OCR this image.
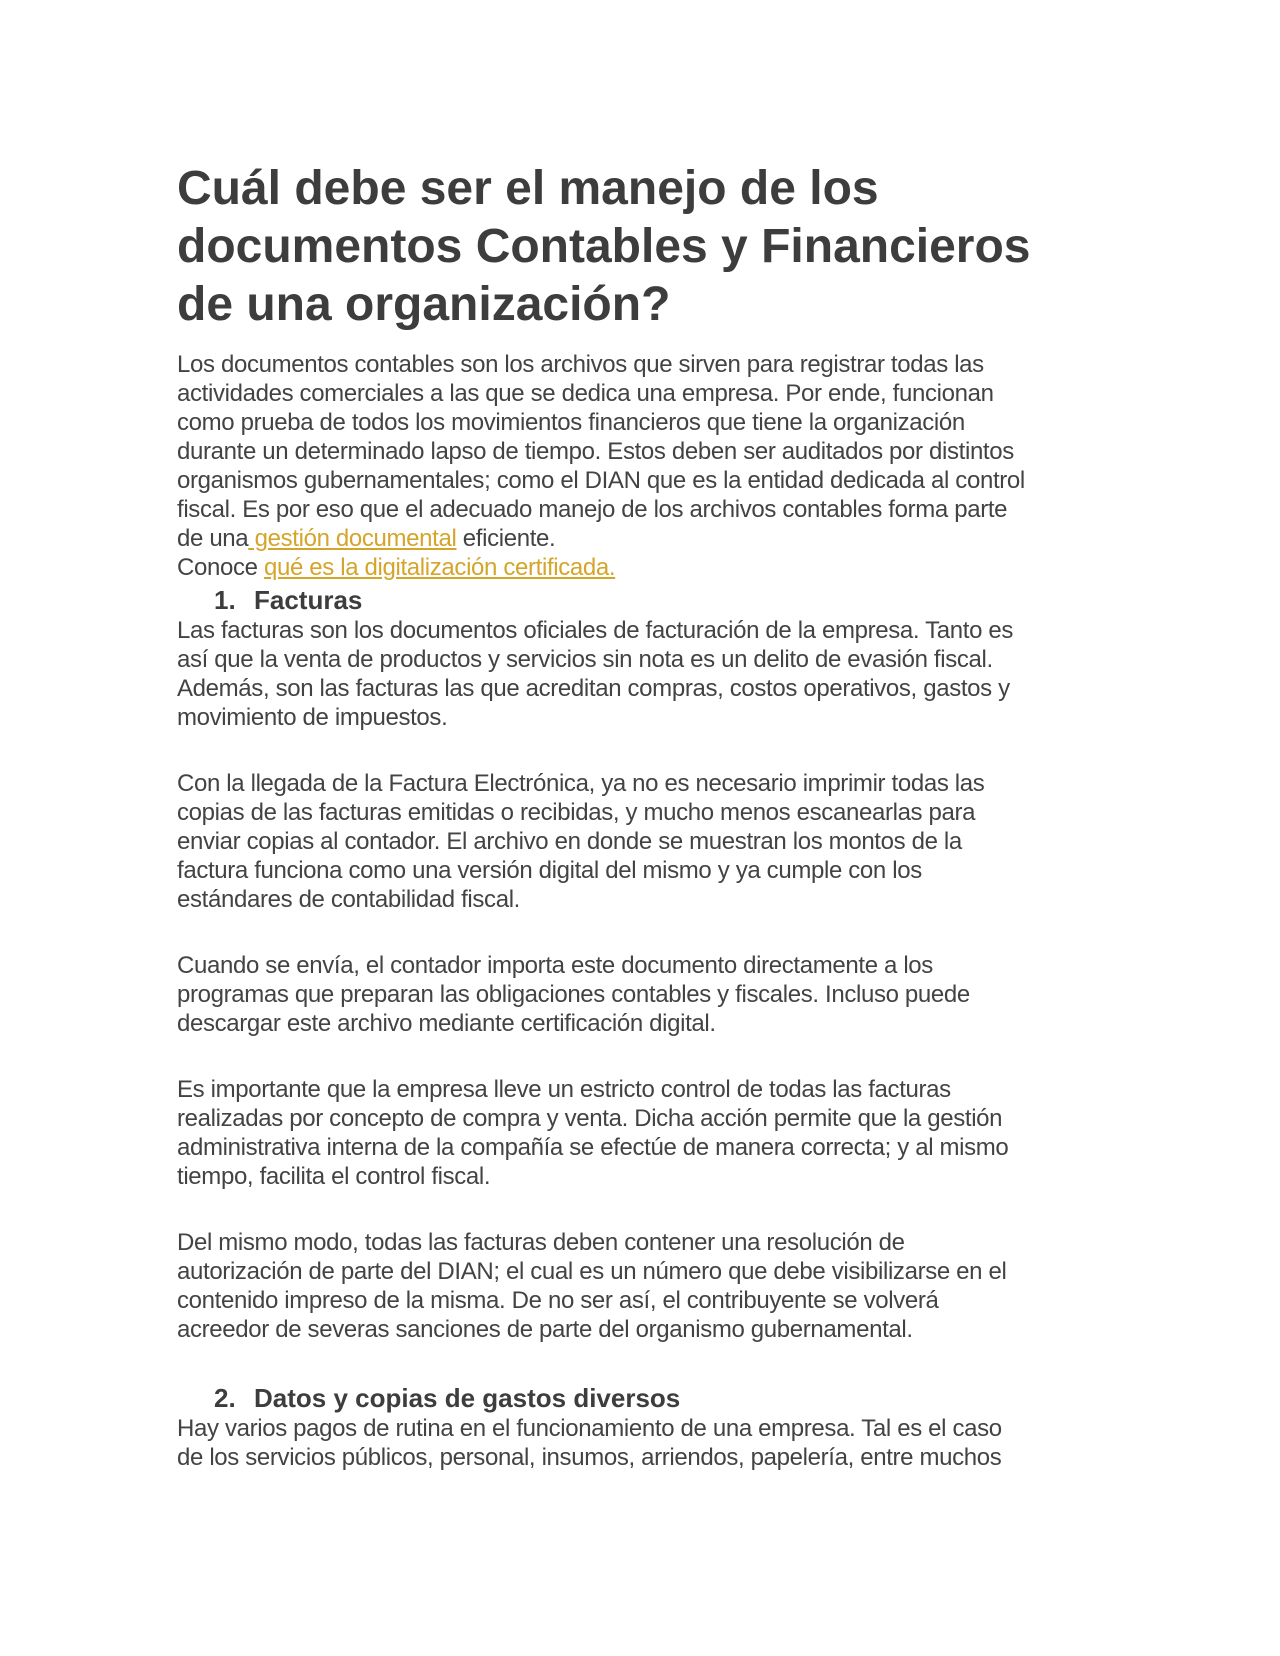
Cuál debe ser el manejo de los
documentos Contables y Financieros
de una organización?
Los documentos contables son los archivos que sirven para registrar todas las
actividades comerciales a las que se dedica una empresa. Por ende, funcionan
como prueba de todos los movimientos financieros que tiene la organización
durante un determinado lapso de tiempo. Estos deben ser auditados por distintos
organismos gubernamentales; como el DIAN que es la entidad dedicada al control
fiscal. Es por eso que el adecuado manejo de los archivos contables forma parte
de una gestión documental eficiente.
Conoce qué es la digitalización certificada.
1. Facturas
Las facturas son los documentos oficiales de facturación de la empresa. Tanto es
así que la venta de productos y servicios sin nota es un delito de evasión fiscal.
Además, son las facturas las que acreditan compras, costos operativos, gastos y
movimiento de impuestos.
Con la llegada de la Factura Electrónica, ya no es necesario imprimir todas las
copias de las facturas emitidas o recibidas, y mucho menos escanearlas para
enviar copias al contador. El archivo en donde se muestran los montos de la
factura funciona como una versión digital del mismo y ya cumple con los
estándares de contabilidad fiscal.
Cuando se envía, el contador importa este documento directamente a los
programas que preparan las obligaciones contables y fiscales. Incluso puede
descargar este archivo mediante certificación digital.
Es importante que la empresa lleve un estricto control de todas las facturas
realizadas por concepto de compra y venta. Dicha acción permite que la gestión
administrativa interna de la compañía se efectúe de manera correcta; y al mismo
tiempo, facilita el control fiscal.
Del mismo modo, todas las facturas deben contener una resolución de
autorización de parte del DIAN; el cual es un número que debe visibilizarse en el
contenido impreso de la misma. De no ser así, el contribuyente se volverá
acreedor de severas sanciones de parte del organismo gubernamental.
2. Datos y copias de gastos diversos
Hay varios pagos de rutina en el funcionamiento de una empresa. Tal es el caso
de los servicios públicos, personal, insumos, arriendos, papelería, entre muchos
